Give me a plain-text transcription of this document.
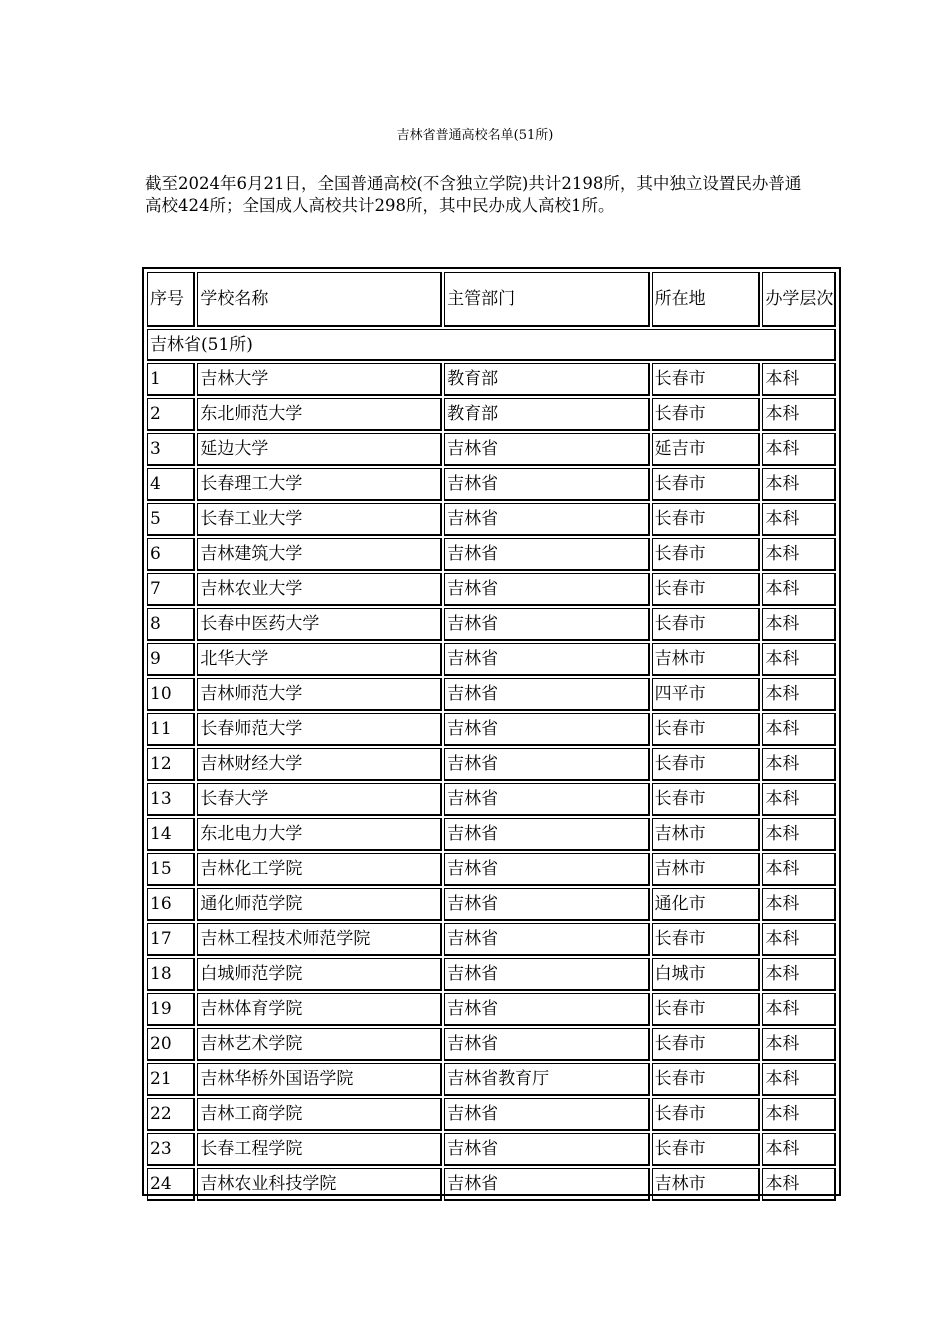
吉林省普通高校名单(51所)

截至2024年6月21日，全国普通高校(不含独立学院)共计2198所，其中独立设置民办普通高校424所；全国成人高校共计298所，其中民办成人高校1所。

序号	学校名称	主管部门	所在地	办学层次
吉林省(51所)				
1	吉林大学	教育部	长春市	本科
2	东北师范大学	教育部	长春市	本科
3	延边大学	吉林省	延吉市	本科
4	长春理工大学	吉林省	长春市	本科
5	长春工业大学	吉林省	长春市	本科
6	吉林建筑大学	吉林省	长春市	本科
7	吉林农业大学	吉林省	长春市	本科
8	长春中医药大学	吉林省	长春市	本科
9	北华大学	吉林省	吉林市	本科
10	吉林师范大学	吉林省	四平市	本科
11	长春师范大学	吉林省	长春市	本科
12	吉林财经大学	吉林省	长春市	本科
13	长春大学	吉林省	长春市	本科
14	东北电力大学	吉林省	吉林市	本科
15	吉林化工学院	吉林省	吉林市	本科
16	通化师范学院	吉林省	通化市	本科
17	吉林工程技术师范学院	吉林省	长春市	本科
18	白城师范学院	吉林省	白城市	本科
19	吉林体育学院	吉林省	长春市	本科
20	吉林艺术学院	吉林省	长春市	本科
21	吉林华桥外国语学院	吉林省教育厅	长春市	本科
22	吉林工商学院	吉林省	长春市	本科
23	长春工程学院	吉林省	长春市	本科
24	吉林农业科技学院	吉林省	吉林市	本科
